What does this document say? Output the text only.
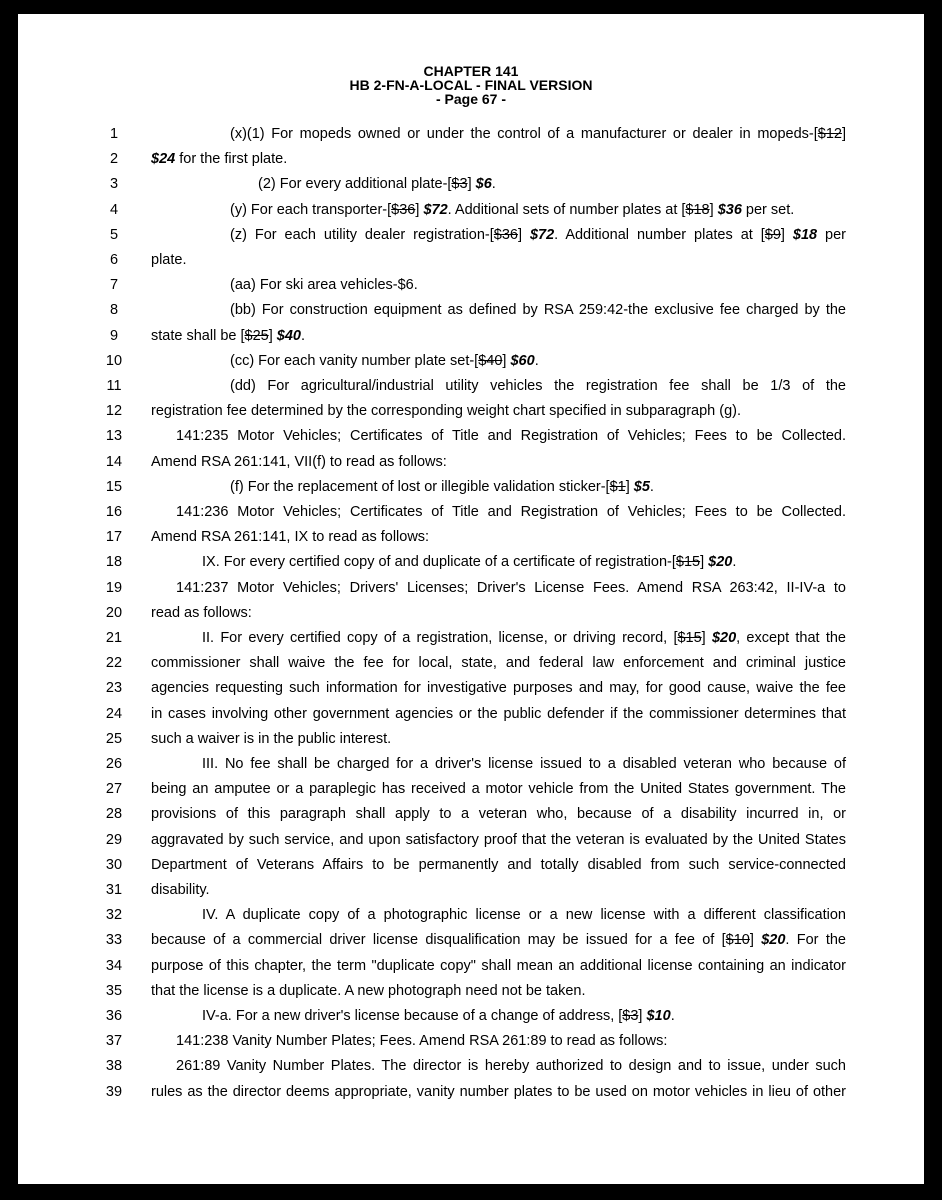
CHAPTER 141
HB 2-FN-A-LOCAL - FINAL VERSION
- Page 67 -
1	(x)(1) For mopeds owned or under the control of a manufacturer or dealer in mopeds-[$12]
2	$24 for the first plate.
3	(2) For every additional plate-[$3] $6.
4	(y) For each transporter-[$36] $72. Additional sets of number plates at [$18] $36 per set.
5	(z) For each utility dealer registration-[$36] $72. Additional number plates at [$9] $18 per
6	plate.
7	(aa) For ski area vehicles-$6.
8	(bb) For construction equipment as defined by RSA 259:42-the exclusive fee charged by the
9	state shall be [$25] $40.
10	(cc) For each vanity number plate set-[$40] $60.
11	(dd) For agricultural/industrial utility vehicles the registration fee shall be 1/3 of the
12 registration fee determined by the corresponding weight chart specified in subparagraph (g).
13	141:235 Motor Vehicles; Certificates of Title and Registration of Vehicles; Fees to be Collected.
14 Amend RSA 261:141, VII(f) to read as follows:
15	(f) For the replacement of lost or illegible validation sticker-[$1] $5.
16	141:236 Motor Vehicles; Certificates of Title and Registration of Vehicles; Fees to be Collected.
17 Amend RSA 261:141, IX to read as follows:
18	IX. For every certified copy of and duplicate of a certificate of registration-[$15] $20.
19	141:237 Motor Vehicles; Drivers' Licenses; Driver's License Fees. Amend RSA 263:42, II-IV-a to
20 read as follows:
21	II. For every certified copy of a registration, license, or driving record, [$15] $20, except that the
22 commissioner shall waive the fee for local, state, and federal law enforcement and criminal justice
23 agencies requesting such information for investigative purposes and may, for good cause, waive the fee
24 in cases involving other government agencies or the public defender if the commissioner determines that
25 such a waiver is in the public interest.
26	III. No fee shall be charged for a driver's license issued to a disabled veteran who because of
27 being an amputee or a paraplegic has received a motor vehicle from the United States government. The
28 provisions of this paragraph shall apply to a veteran who, because of a disability incurred in, or
29 aggravated by such service, and upon satisfactory proof that the veteran is evaluated by the United States
30 Department of Veterans Affairs to be permanently and totally disabled from such service-connected
31 disability.
32	IV. A duplicate copy of a photographic license or a new license with a different classification
33 because of a commercial driver license disqualification may be issued for a fee of [$10] $20. For the
34 purpose of this chapter, the term "duplicate copy" shall mean an additional license containing an indicator
35 that the license is a duplicate. A new photograph need not be taken.
36	IV-a. For a new driver's license because of a change of address, [$3] $10.
37	141:238 Vanity Number Plates; Fees. Amend RSA 261:89 to read as follows:
38	261:89 Vanity Number Plates. The director is hereby authorized to design and to issue, under such
39 rules as the director deems appropriate, vanity number plates to be used on motor vehicles in lieu of other
